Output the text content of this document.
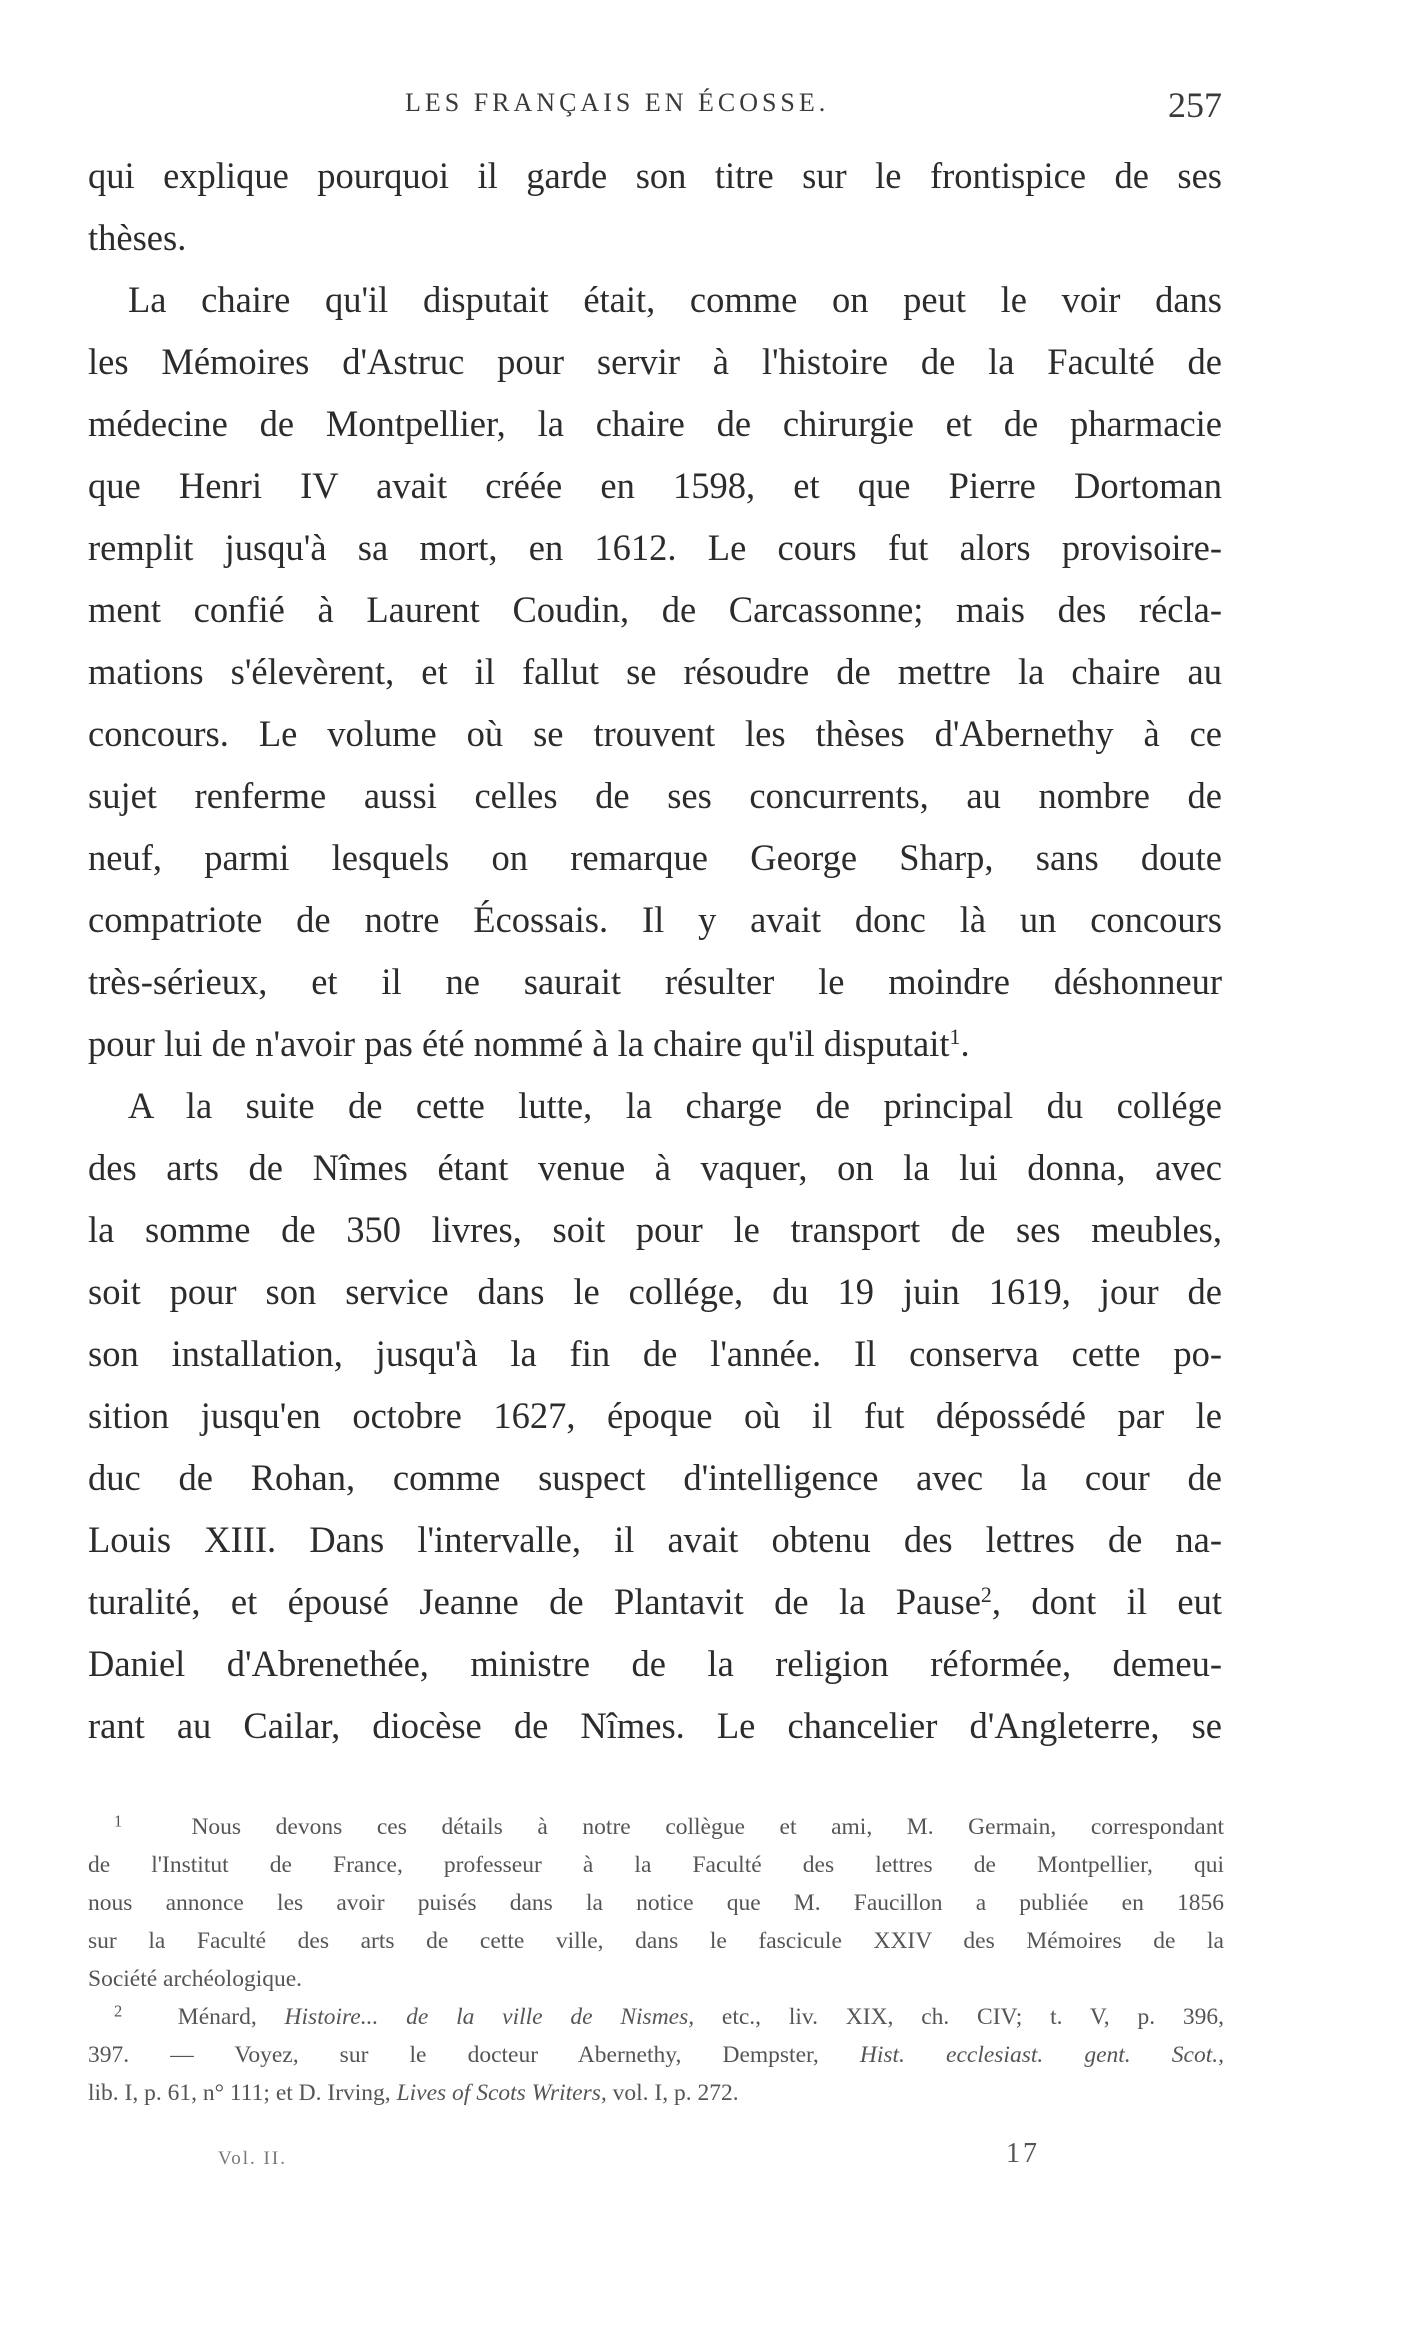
LES FRANÇAIS EN ÉCOSSE.	257
qui explique pourquoi il garde son titre sur le frontispice de ses
thèses.
La chaire qu'il disputait était, comme on peut le voir dans
les Mémoires d'Astruc pour servir à l'histoire de la Faculté de
médecine de Montpellier, la chaire de chirurgie et de pharmacie
que Henri IV avait créée en 1598, et que Pierre Dortoman
remplit jusqu'à sa mort, en 1612. Le cours fut alors provisoire-
ment confié à Laurent Coudin, de Carcassonne; mais des récla-
mations s'élevèrent, et il fallut se résoudre de mettre la chaire au
concours. Le volume où se trouvent les thèses d'Abernethy à ce
sujet renferme aussi celles de ses concurrents, au nombre de
neuf, parmi lesquels on remarque George Sharp, sans doute
compatriote de notre Écossais. Il y avait donc là un concours
très-sérieux, et il ne saurait résulter le moindre déshonneur
pour lui de n'avoir pas été nommé à la chaire qu'il disputait$^1$.
A la suite de cette lutte, la charge de principal du collége
des arts de Nîmes étant venue à vaquer, on la lui donna, avec
la somme de 350 livres, soit pour le transport de ses meubles,
soit pour son service dans le collége, du 19 juin 1619, jour de
son installation, jusqu'à la fin de l'année. Il conserva cette po-
sition jusqu'en octobre 1627, époque où il fut dépossédé par le
duc de Rohan, comme suspect d'intelligence avec la cour de
Louis XIII. Dans l'intervalle, il avait obtenu des lettres de na-
turalité, et épousé Jeanne de Plantavit de la Pause$^2$, dont il eut
Daniel d'Abrenethée, ministre de la religion réformée, demeu-
rant au Cailar, diocèse de Nîmes. Le chancelier d'Angleterre, se
$^1$	Nous devons ces détails à notre collègue et ami, M. Germain, correspondant
de l'Institut de France, professeur à la Faculté des lettres de Montpellier, qui
nous annonce les avoir puisés dans la notice que M. Faucillon a publiée en 1856
sur la Faculté des arts de cette ville, dans le fascicule XXIV des Mémoires de la
Société archéologique.
$^2$ Ménard, Histoire... de la ville de Nismes, etc., liv. XIX, ch. CIV; t. V, p. 396,
397. — Voyez, sur le docteur Abernethy, Dempster, Hist. ecclesiast. gent. Scot.,
lib. I, p. 61, n° 111; et D. Irving, Lives of Scots Writers, vol. I, p. 272.
Vol. II.	17
